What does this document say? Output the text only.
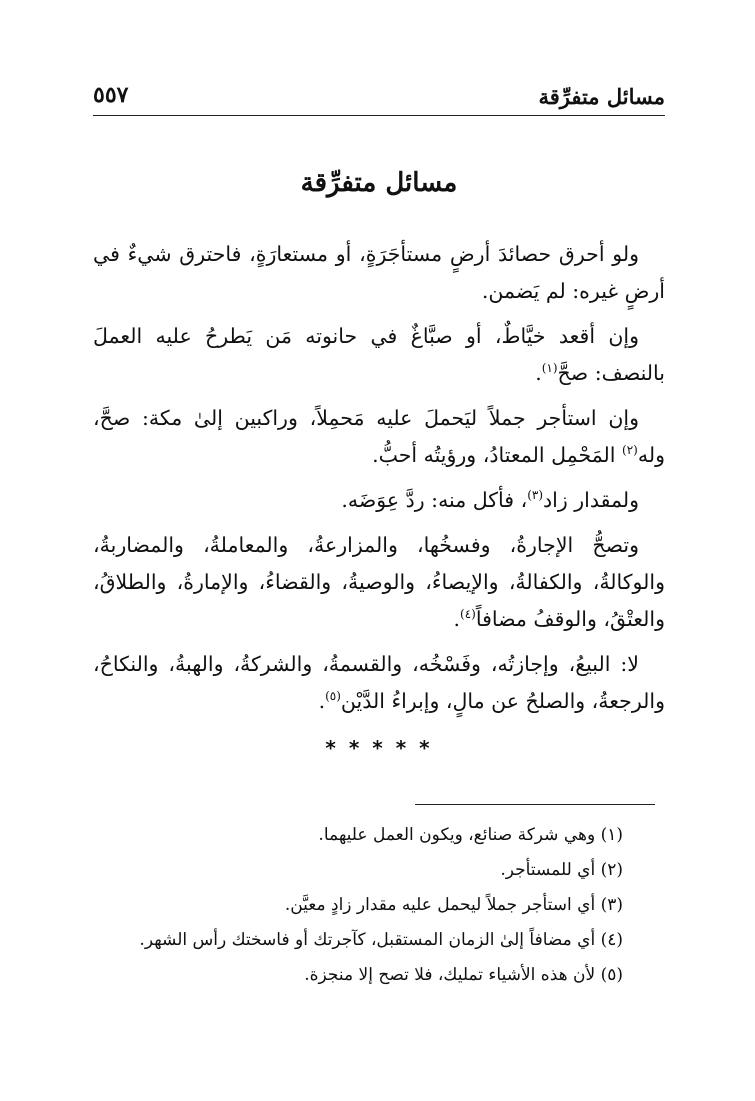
مسائل متفرِّقة
٥٥٧
مسائل متفرِّقة

ولو أحرق حصائدَ أرضٍ مستأجَرَةٍ، أو مستعارَةٍ، فاحترق شيءٌ في أرضٍ غيره: لم يَضمن.

وإن أقعد خيَّاطٌ، أو صبَّاغٌ في حانوته مَن يَطرحُ عليه العملَ بالنصف: صحَّ$^{(١)}$.

وإن استأجر جملاً ليَحملَ عليه مَحمِلاً، وراكبين إلىٰ مكة: صحَّ، وله$^{(٢)}$ المَحْمِل المعتادُ، ورؤيتُه أحبُّ.

ولمقدار زاد$^{(٣)}$، فأكل منه: ردَّ عِوَضَه.

وتصحُّ الإجارةُ، وفسخُها، والمزارعةُ، والمعاملةُ، والمضاربةُ، والوكالةُ، والكفالةُ، والإيصاءُ، والوصيةُ، والقضاءُ، والإمارةُ، والطلاقُ، والعتْقُ، والوقفُ مضافاً$^{(٤)}$.

لا: البيعُ، وإجازتُه، وفَسْخُه، والقسمةُ، والشركةُ، والهبةُ، والنكاحُ، والرجعةُ، والصلحُ عن مالٍ، وإبراءُ الدَّيْن$^{(٥)}$.

* * * * *

(١) وهي شركة صنائع، ويكون العمل عليهما.

(٢) أي للمستأجر.

(٣) أي استأجر جملاً ليحمل عليه مقدار زادٍ معيَّن.

(٤) أي مضافاً إلىٰ الزمان المستقبل، كآجرتك أو فاسختك رأس الشهر.

(٥) لأن هذه الأشياء تمليك، فلا تصح إلا منجزة.
